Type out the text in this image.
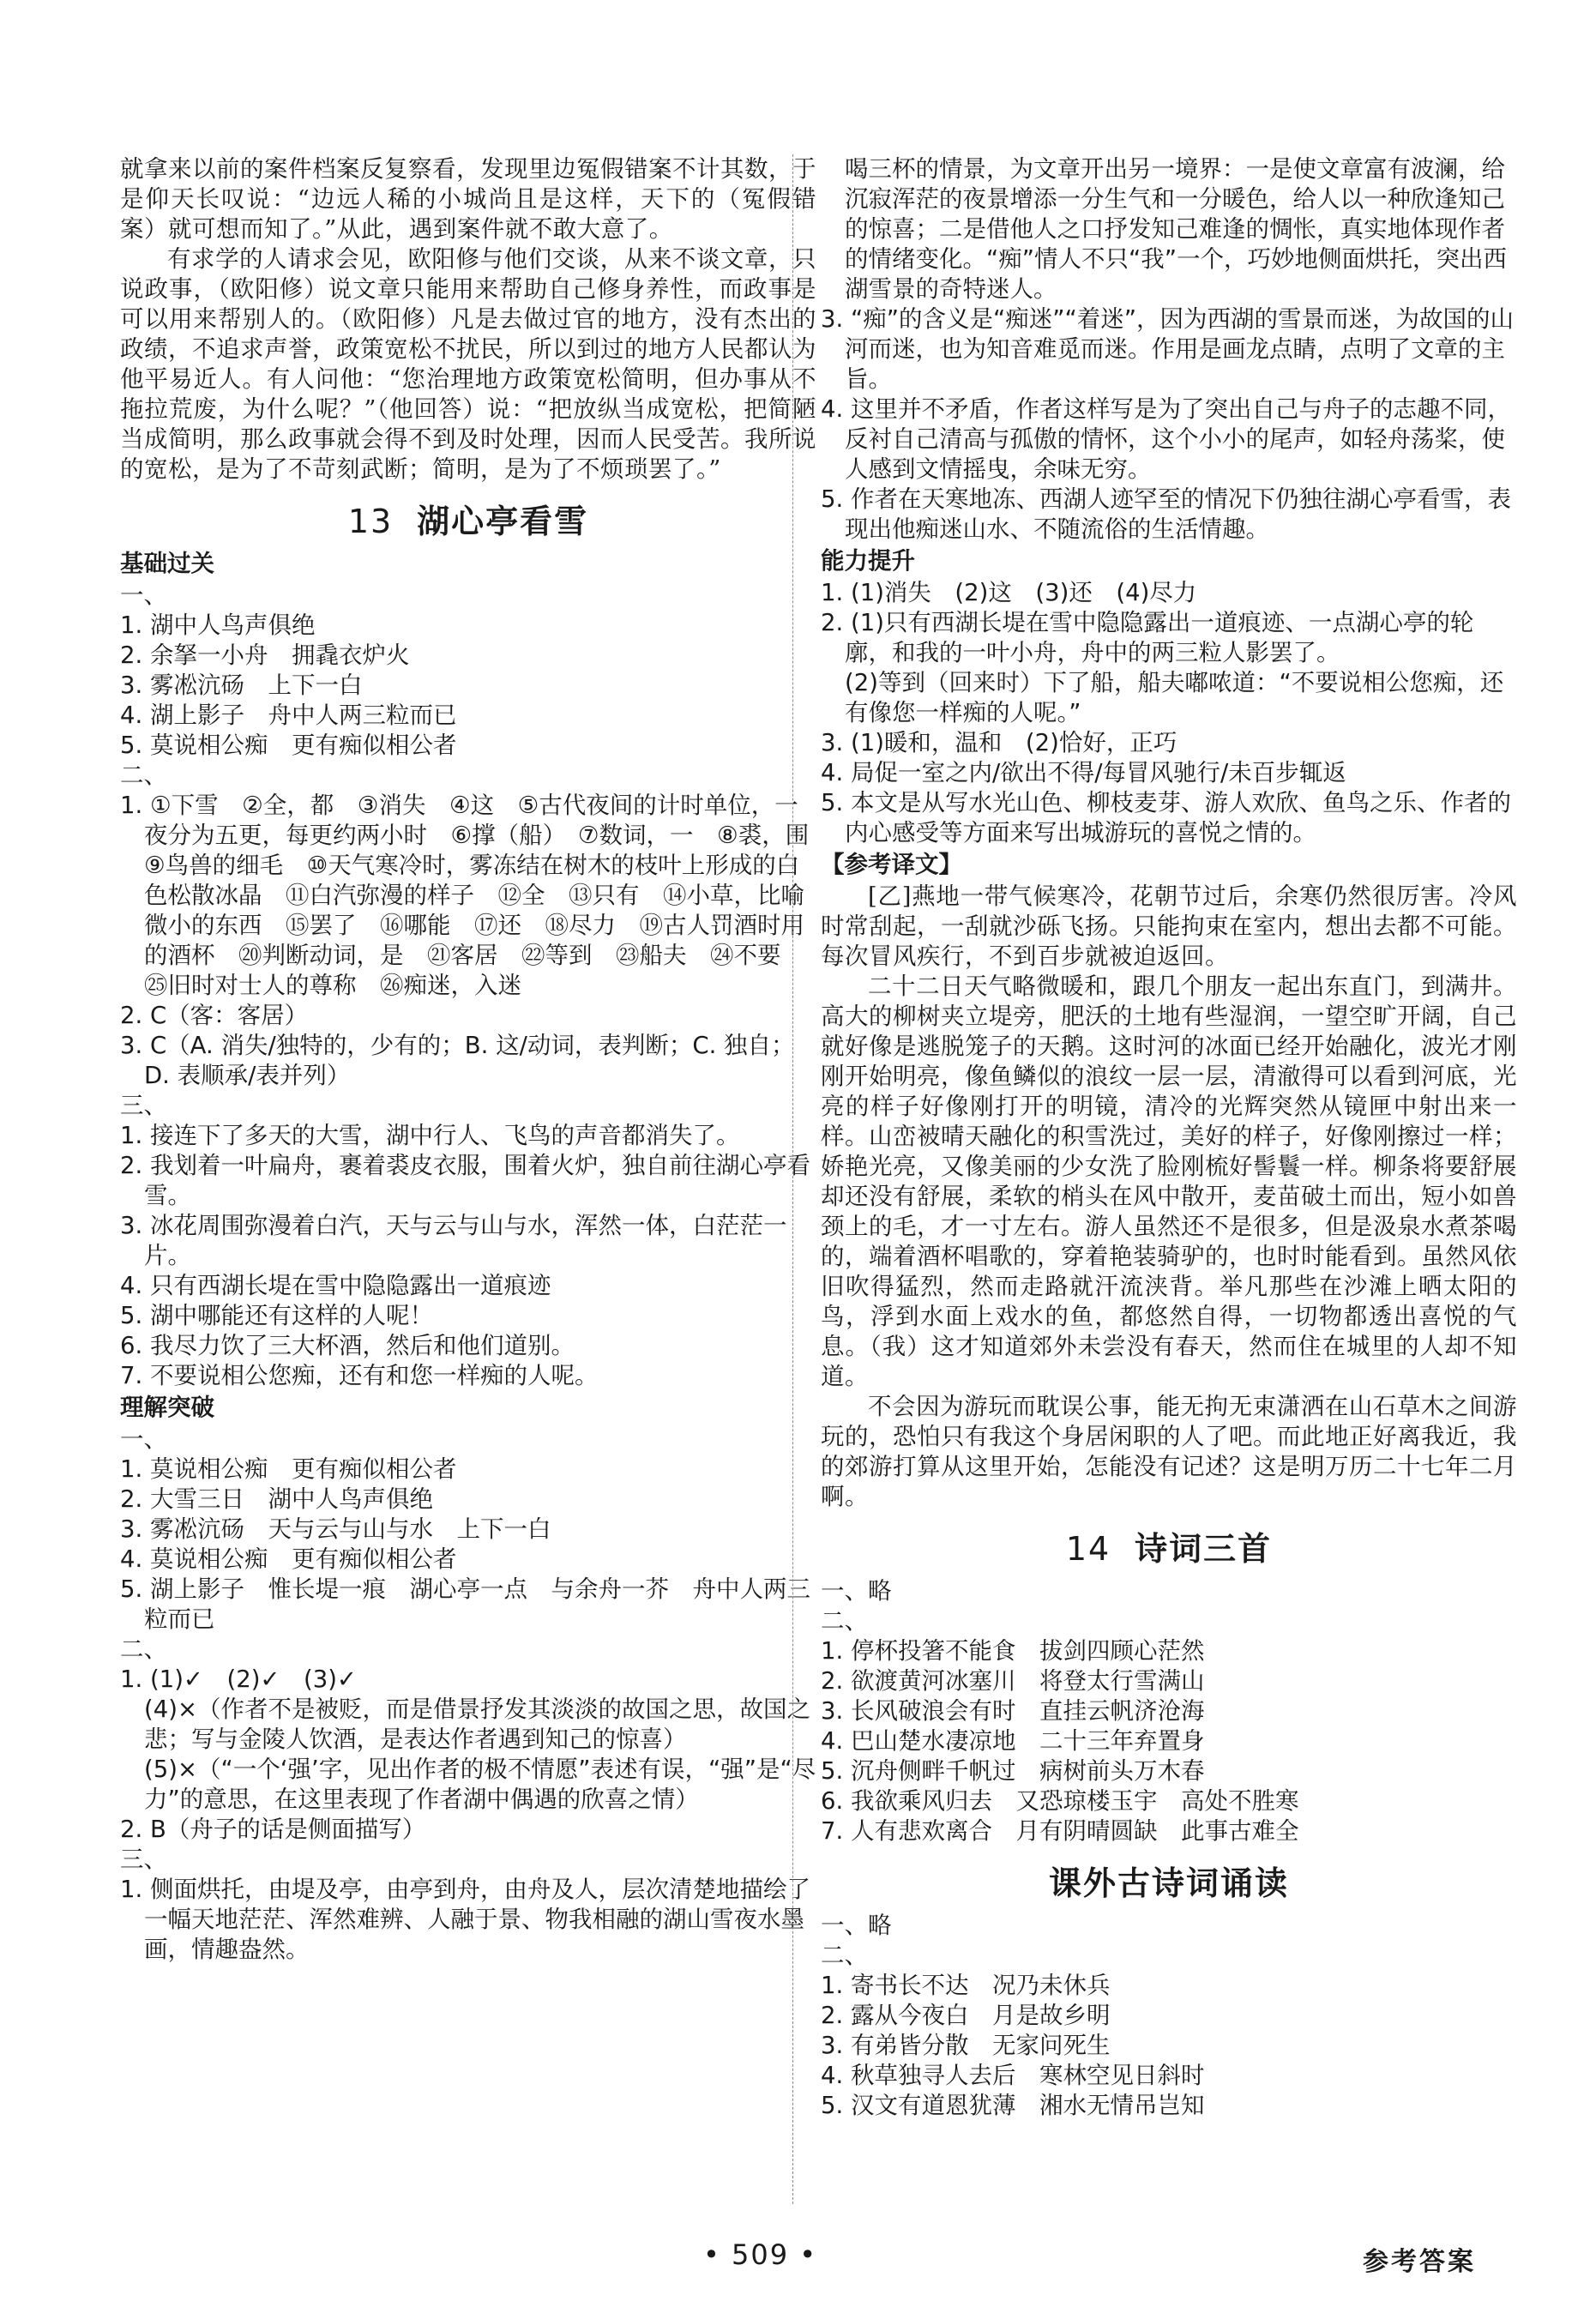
就拿来以前的案件档案反复察看，发现里边冤假错案不计其数，于是仰天长叹说：“边远人稀的小城尚且是这样，天下的（冤假错案）就可想而知了。”从此，遇到案件就不敢大意了。

有求学的人请求会见，欧阳修与他们交谈，从来不谈文章，只说政事，（欧阳修）说文章只能用来帮助自己修身养性，而政事是可以用来帮别人的。（欧阳修）凡是去做过官的地方，没有杰出的政绩，不追求声誉，政策宽松不扰民，所以到过的地方人民都认为他平易近人。有人问他：“您治理地方政策宽松简明，但办事从不拖拉荒废，为什么呢？”（他回答）说：“把放纵当成宽松，把简陋当成简明，那么政事就会得不到及时处理，因而人民受苦。我所说的宽松，是为了不苛刻武断；简明，是为了不烦琐罢了。”

13 湖心亭看雪
基础过关

一、

1. 湖中人鸟声俱绝

2. 余拏一小舟　拥毳衣炉火

3. 雾凇沆砀　上下一白

4. 湖上影子　舟中人两三粒而已

5. 莫说相公痴　更有痴似相公者

二、

1. ①下雪　②全，都　③消失　④这　⑤古代夜间的计时单位，一夜分为五更，每更约两小时　⑥撑（船）　⑦数词，一　⑧裘，围　⑨鸟兽的细毛　⑩天气寒冷时，雾冻结在树木的枝叶上形成的白色松散冰晶　⑪白汽弥漫的样子　⑫全　⑬只有　⑭小草，比喻微小的东西　⑮罢了　⑯哪能　⑰还　⑱尽力　⑲古人罚酒时用的酒杯　⑳判断动词，是　㉑客居　㉒等到　㉓船夫　㉔不要　㉕旧时对士人的尊称　㉖痴迷，入迷

2. C（客：客居）

3. C（A. 消失/独特的，少有的；B. 这/动词，表判断；C. 独自；D. 表顺承/表并列）

三、

1. 接连下了多天的大雪，湖中行人、飞鸟的声音都消失了。

2. 我划着一叶扁舟，裹着裘皮衣服，围着火炉，独自前往湖心亭看雪。

3. 冰花周围弥漫着白汽，天与云与山与水，浑然一体，白茫茫一片。

4. 只有西湖长堤在雪中隐隐露出一道痕迹

5. 湖中哪能还有这样的人呢！

6. 我尽力饮了三大杯酒，然后和他们道别。

7. 不要说相公您痴，还有和您一样痴的人呢。

理解突破

一、

1. 莫说相公痴　更有痴似相公者

2. 大雪三日　湖中人鸟声俱绝

3. 雾凇沆砀　天与云与山与水　上下一白

4. 莫说相公痴　更有痴似相公者

5. 湖上影子　惟长堤一痕　湖心亭一点　与余舟一芥　舟中人两三粒而已

二、

1. (1)✓　(2)✓　(3)✓

(4)×（作者不是被贬，而是借景抒发其淡淡的故国之思，故国之悲；写与金陵人饮酒，是表达作者遇到知己的惊喜）

(5)×（“一个‘强’字，见出作者的极不情愿”表述有误，“强”是“尽力”的意思，在这里表现了作者湖中偶遇的欣喜之情）

2. B（舟子的话是侧面描写）

三、

1. 侧面烘托，由堤及亭，由亭到舟，由舟及人，层次清楚地描绘了一幅天地茫茫、浑然难辨、人融于景、物我相融的湖山雪夜水墨画，情趣盎然。

喝三杯的情景，为文章开出另一境界：一是使文章富有波澜，给沉寂浑茫的夜景增添一分生气和一分暖色，给人以一种欣逢知己的惊喜；二是借他人之口抒发知己难逢的惆怅，真实地体现作者的情绪变化。“痴”情人不只“我”一个，巧妙地侧面烘托，突出西湖雪景的奇特迷人。

3. “痴”的含义是“痴迷”“着迷”，因为西湖的雪景而迷，为故国的山河而迷，也为知音难觅而迷。作用是画龙点睛，点明了文章的主旨。

4. 这里并不矛盾，作者这样写是为了突出自己与舟子的志趣不同，反衬自己清高与孤傲的情怀，这个小小的尾声，如轻舟荡桨，使人感到文情摇曳，余味无穷。

5. 作者在天寒地冻、西湖人迹罕至的情况下仍独往湖心亭看雪，表现出他痴迷山水、不随流俗的生活情趣。

能力提升

1. (1)消失　(2)这　(3)还　(4)尽力

2. (1)只有西湖长堤在雪中隐隐露出一道痕迹、一点湖心亭的轮廓，和我的一叶小舟，舟中的两三粒人影罢了。

(2)等到（回来时）下了船，船夫嘟哝道：“不要说相公您痴，还有像您一样痴的人呢。”

3. (1)暖和，温和　(2)恰好，正巧

4. 局促一室之内/欲出不得/每冒风驰行/未百步辄返

5. 本文是从写水光山色、柳枝麦芽、游人欢欣、鱼鸟之乐、作者的内心感受等方面来写出城游玩的喜悦之情的。

【参考译文】

[乙]燕地一带气候寒冷，花朝节过后，余寒仍然很厉害。冷风时常刮起，一刮就沙砾飞扬。只能拘束在室内，想出去都不可能。每次冒风疾行，不到百步就被迫返回。

二十二日天气略微暖和，跟几个朋友一起出东直门，到满井。高大的柳树夹立堤旁，肥沃的土地有些湿润，一望空旷开阔，自己就好像是逃脱笼子的天鹅。这时河的冰面已经开始融化，波光才刚刚开始明亮，像鱼鳞似的浪纹一层一层，清澈得可以看到河底，光亮的样子好像刚打开的明镜，清冷的光辉突然从镜匣中射出来一样。山峦被晴天融化的积雪洗过，美好的样子，好像刚擦过一样；娇艳光亮，又像美丽的少女洗了脸刚梳好髻鬟一样。柳条将要舒展却还没有舒展，柔软的梢头在风中散开，麦苗破土而出，短小如兽颈上的毛，才一寸左右。游人虽然还不是很多，但是汲泉水煮茶喝的，端着酒杯唱歌的，穿着艳装骑驴的，也时时能看到。虽然风依旧吹得猛烈，然而走路就汗流浃背。举凡那些在沙滩上晒太阳的鸟，浮到水面上戏水的鱼，都悠然自得，一切物都透出喜悦的气息。（我）这才知道郊外未尝没有春天，然而住在城里的人却不知道。

不会因为游玩而耽误公事，能无拘无束潇洒在山石草木之间游玩的，恐怕只有我这个身居闲职的人了吧。而此地正好离我近，我的郊游打算从这里开始，怎能没有记述？这是明万历二十七年二月啊。

14 诗词三首

一、略

二、

1. 停杯投箸不能食　拔剑四顾心茫然

2. 欲渡黄河冰塞川　将登太行雪满山

3. 长风破浪会有时　直挂云帆济沧海

4. 巴山楚水凄凉地　二十三年弃置身

5. 沉舟侧畔千帆过　病树前头万木春

6. 我欲乘风归去　又恐琼楼玉宇　高处不胜寒

7. 人有悲欢离合　月有阴晴圆缺　此事古难全

课外古诗词诵读

一、略

二、

1. 寄书长不达　况乃未休兵

2. 露从今夜白　月是故乡明

3. 有弟皆分散　无家问死生

4. 秋草独寻人去后　寒林空见日斜时

5. 汉文有道恩犹薄　湘水无情吊岂知

• 509 •	参考答案
